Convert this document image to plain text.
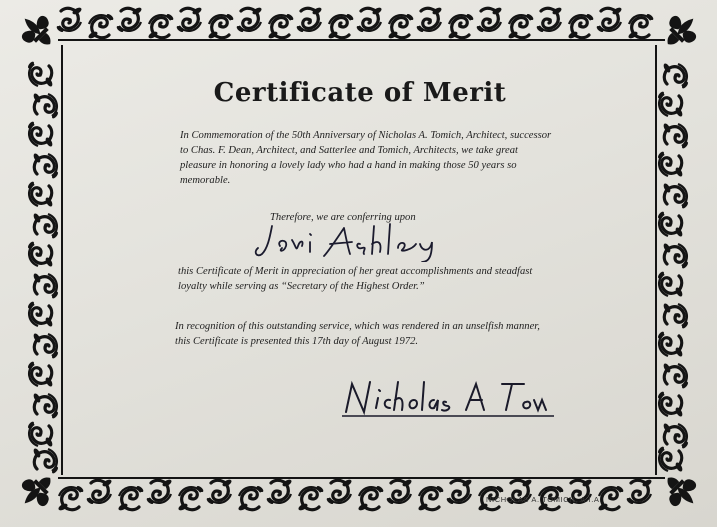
Certificate of Merit

In Commemoration of the 50th Anniversary of Nicholas A. Tomich, Architect, successor to Chas. F. Dean, Architect, and Satterlee and Tomich, Architects, we take great pleasure in honoring a lovely lady who had a hand in making those 50 years so memorable.

Therefore, we are conferring upon

this Certificate of Merit in appreciation of her great accomplishments and steadfast loyalty while serving as “Secretary of the Highest Order.”

In recognition of this outstanding service, which was rendered in an unselfish manner, this Certificate is presented this 17th day of August 1972.

NICHOLAS A. TOMICH, A.I.A.
